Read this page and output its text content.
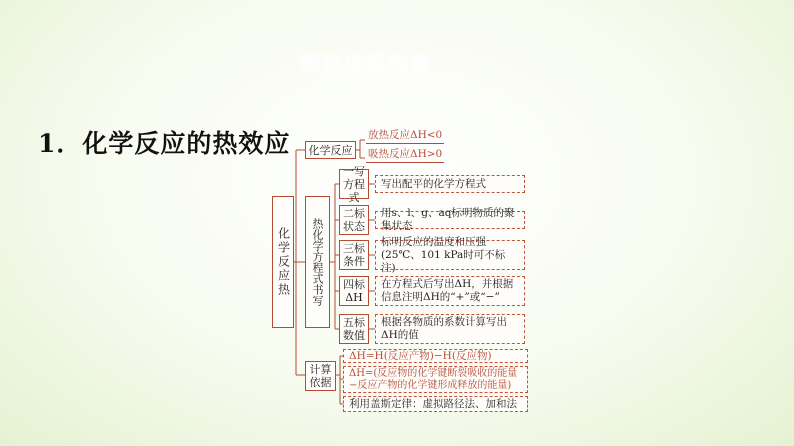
知识体系构建
1．化学反应的热效应
化学反应热
化学反应
放热反应ΔH<0
吸热反应ΔH>0
热化学方程式书写
一写方程式
写出配平的化学方程式
二标状态
用s、l、g、aq标明物质的聚集状态
三标条件
标明反应的温度和压强(25℃、101 kPa时可不标注)
四标ΔH
在方程式后写出ΔH，并根据信息注明ΔH的“+”或“−”
五标数值
根据各物质的系数计算写出ΔH的值
计算依据
ΔH=H(反应产物)−H(反应物)
ΔH=(反应物的化学键断裂吸收的能量−反应产物的化学键形成释放的能量)
利用盖斯定律：虚拟路径法、加和法
